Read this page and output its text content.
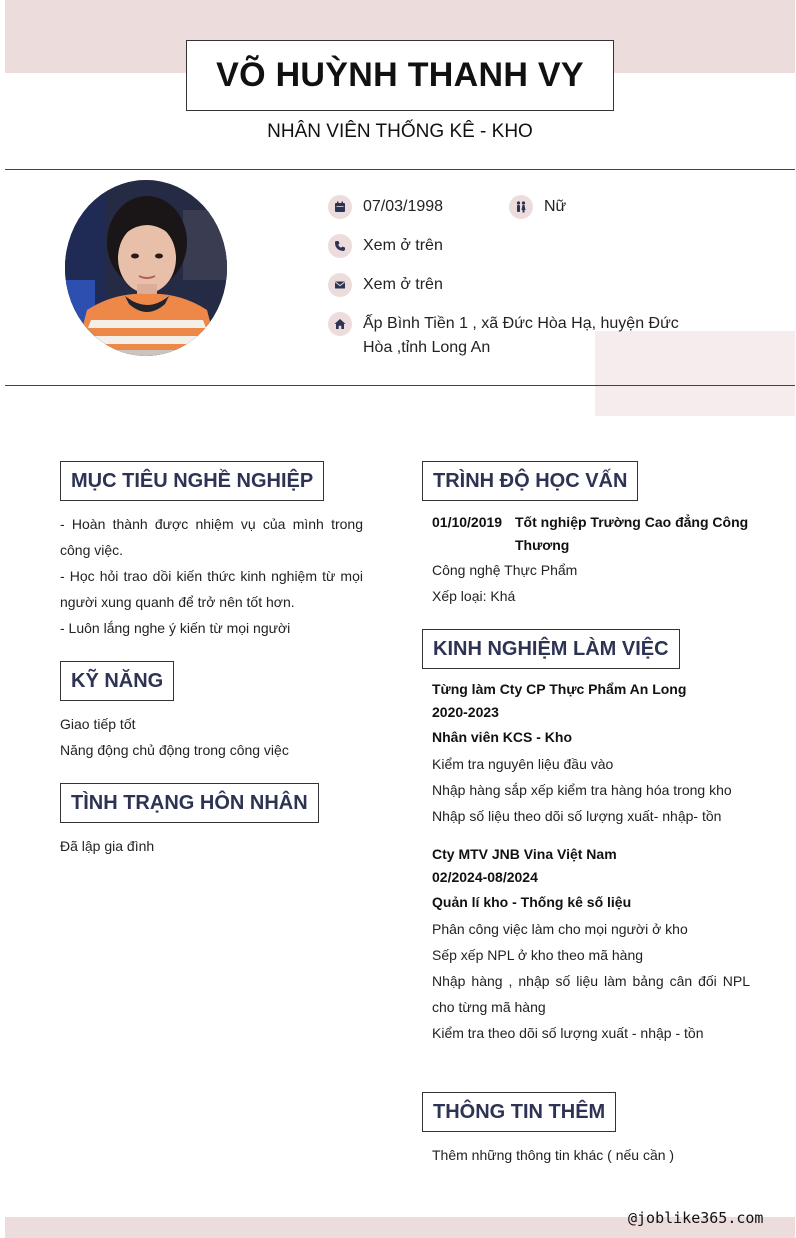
VÕ HUỲNH THANH VY
NHÂN VIÊN THỐNG KÊ - KHO
07/03/1998	Nữ
Xem ở trên
Xem ở trên
Ấp Bình Tiền 1 , xã Đức Hòa Hạ, huyện Đức
Hòa ,tỉnh Long An
MỤC TIÊU NGHỀ NGHIỆP
- Hoàn thành được nhiệm vụ của mình trong công việc.
- Học hỏi trao dồi kiến thức kinh nghiệm từ mọi người xung quanh để trở nên tốt hơn.
- Luôn lắng nghe ý kiến từ mọi người
KỸ NĂNG
Giao tiếp tốt
Năng động chủ động trong công việc
TÌNH TRẠNG HÔN NHÂN
Đã lập gia đình
TRÌNH ĐỘ HỌC VẤN
01/10/2019 Tốt nghiệp Trường Cao đẳng Công Thương
Công nghệ Thực Phẩm
Xếp loại: Khá
KINH NGHIỆM LÀM VIỆC
Từng làm Cty CP Thực Phẩm An Long
2020-2023
Nhân viên KCS - Kho
Kiểm tra nguyên liệu đầu vào
Nhập hàng sắp xếp kiểm tra hàng hóa trong kho
Nhập số liệu theo dõi số lượng xuất- nhập- tồn
Cty MTV JNB Vina Việt Nam
02/2024-08/2024
Quản lí kho - Thống kê số liệu
Phân công việc làm cho mọi người ở kho
Sếp xếp NPL ở kho theo mã hàng
Nhập hàng , nhập số liệu làm bảng cân đối NPL cho từng mã hàng
Kiểm tra theo dõi số lượng xuất - nhập - tồn
THÔNG TIN THÊM
Thêm những thông tin khác ( nếu cần )
@joblike365.com
